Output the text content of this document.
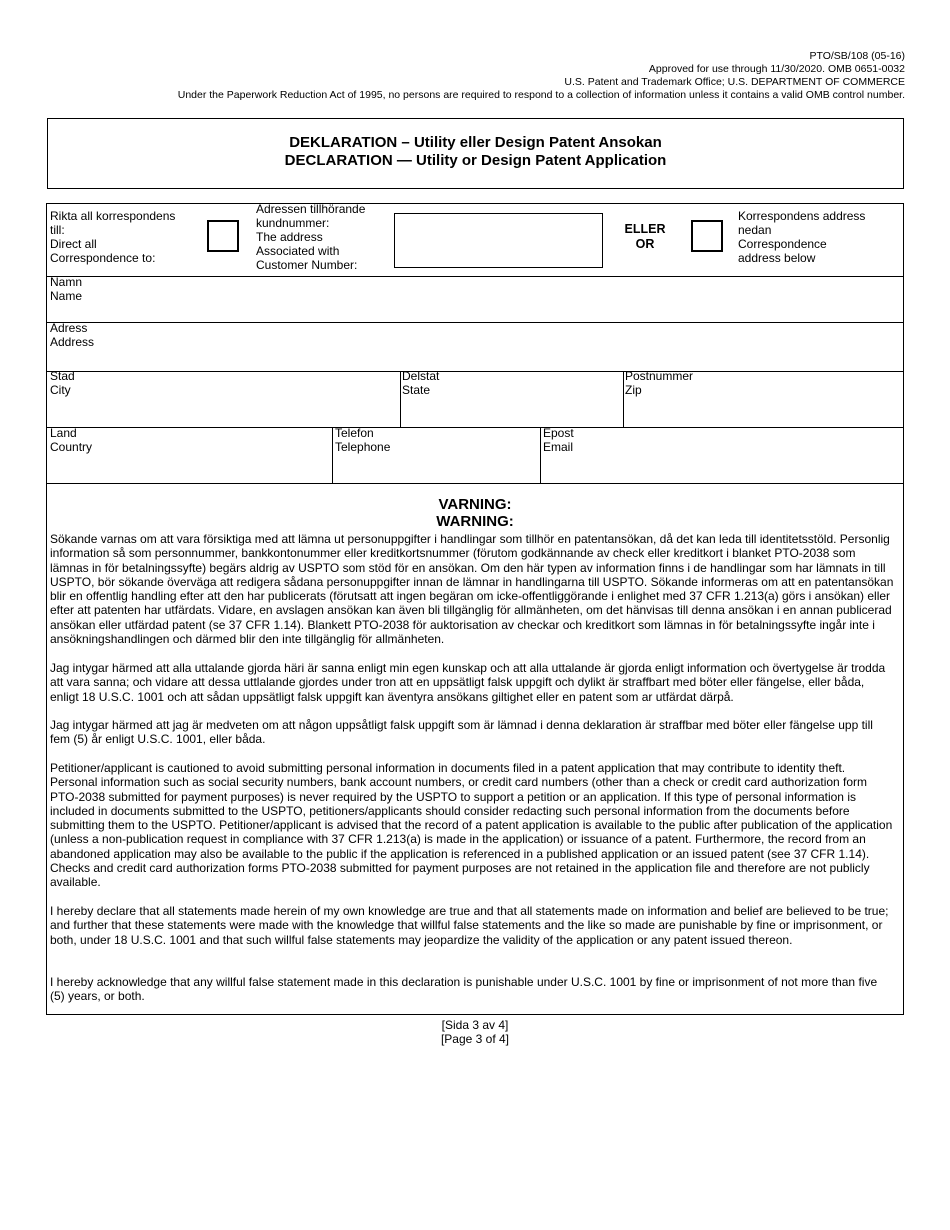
PTO/SB/108 (05-16)
Approved for use through 11/30/2020. OMB 0651-0032
U.S. Patent and Trademark Office; U.S. DEPARTMENT OF COMMERCE
Under the Paperwork Reduction Act of 1995, no persons are required to respond to a collection of information unless it contains a valid OMB control number.
DEKLARATION – Utility eller Design Patent Ansokan
DECLARATION — Utility or Design Patent Application
Rikta all korrespondens
till:
Direct all
Correspondence to:
Adressen tillhörande
kundnummer:
The address
Associated with
Customer Number:
ELLER
OR
Korrespondens address
nedan
Correspondence
address below
Namn
Name
Adress
Address
Stad
City
Delstat
State
Postnummer
Zip
Land
Country
Telefon
Telephone
Epost
Email
VARNING:
WARNING:
Sökande varnas om att vara försiktiga med att lämna ut personuppgifter i handlingar som tillhör en patentansökan, då det kan leda till identitetsstöld. Personlig information så som personnummer, bankkontonummer eller kreditkortsnummer (förutom godkännande av check eller kreditkort i blanket PTO-2038 som lämnas in för betalningssyfte) begärs aldrig av USPTO som stöd för en ansökan. Om den här typen av information finns i de handlingar som har lämnats in till USPTO, bör sökande överväga att redigera sådana personuppgifter innan de lämnar in handlingarna till USPTO. Sökande informeras om att en patentansökan blir en offentlig handling efter att den har publicerats (förutsatt att ingen begäran om icke-offentliggörande i enlighet med 37 CFR 1.213(a) görs i ansökan) eller efter att patenten har utfärdats. Vidare, en avslagen ansökan kan även bli tillgänglig för allmänheten, om det hänvisas till denna ansökan i en annan publicerad ansökan eller utfärdad patent (se 37 CFR 1.14). Blankett PTO-2038 för auktorisation av checkar och kreditkort som lämnas in för betalningssyfte ingår inte i ansökningshandlingen och därmed blir den inte tillgänglig för allmänheten.
Jag intygar härmed att alla uttalande gjorda häri är sanna enligt min egen kunskap och att alla uttalande är gjorda enligt information och övertygelse är trodda att vara sanna; och vidare att dessa uttlalande gjordes under tron att en uppsätligt falsk uppgift och dylikt är straffbart med böter eller fängelse, eller båda, enligt 18 U.S.C. 1001 och att sådan uppsätligt falsk uppgift kan äventyra ansökans giltighet eller en patent som ar utfärdat därpå.
Jag intygar härmed att jag är medveten om att någon uppsåtligt falsk uppgift som är lämnad i denna deklaration är straffbar med böter eller fängelse upp till fem (5) år enligt U.S.C. 1001, eller båda.
Petitioner/applicant is cautioned to avoid submitting personal information in documents filed in a patent application that may contribute to identity theft. Personal information such as social security numbers, bank account numbers, or credit card numbers (other than a check or credit card authorization form PTO-2038 submitted for payment purposes) is never required by the USPTO to support a petition or an application. If this type of personal information is included in documents submitted to the USPTO, petitioners/applicants should consider redacting such personal information from the documents before submitting them to the USPTO. Petitioner/applicant is advised that the record of a patent application is available to the public after publication of the application (unless a non-publication request in compliance with 37 CFR 1.213(a) is made in the application) or issuance of a patent. Furthermore, the record from an abandoned application may also be available to the public if the application is referenced in a published application or an issued patent (see 37 CFR 1.14). Checks and credit card authorization forms PTO-2038 submitted for payment purposes are not retained in the application file and therefore are not publicly available.
I hereby declare that all statements made herein of my own knowledge are true and that all statements made on information and belief are believed to be true; and further that these statements were made with the knowledge that willful false statements and the like so made are punishable by fine or imprisonment, or both, under 18 U.S.C. 1001 and that such willful false statements may jeopardize the validity of the application or any patent issued thereon.
I hereby acknowledge that any willful false statement made in this declaration is punishable under U.S.C. 1001 by fine or imprisonment of not more than five (5) years, or both.
[Sida 3 av 4]
[Page 3 of 4]
